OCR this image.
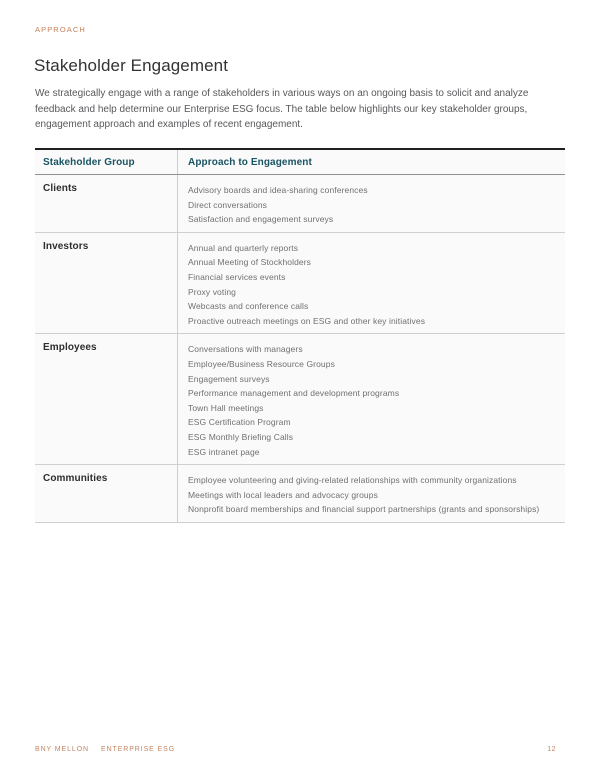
APPROACH
Stakeholder Engagement

We strategically engage with a range of stakeholders in various ways on an ongoing basis to solicit and analyze feedback and help determine our Enterprise ESG focus. The table below highlights our key stakeholder groups, engagement approach and examples of recent engagement.

Stakeholder Group	Approach to Engagement
Clients	Advisory boards and idea-sharing conferences
Direct conversations
Satisfaction and engagement surveys
Investors	Annual and quarterly reports
Annual Meeting of Stockholders
Financial services events
Proxy voting
Webcasts and conference calls
Proactive outreach meetings on ESG and other key initiatives
Employees	Conversations with managers
Employee/Business Resource Groups
Engagement surveys
Performance management and development programs
Town Hall meetings
ESG Certification Program
ESG Monthly Briefing Calls
ESG intranet page
Communities	Employee volunteering and giving-related relationships with community organizations
Meetings with local leaders and advocacy groups
Nonprofit board memberships and financial support partnerships (grants and sponsorships)
BNY MELLON ENTERPRISE ESG	12
